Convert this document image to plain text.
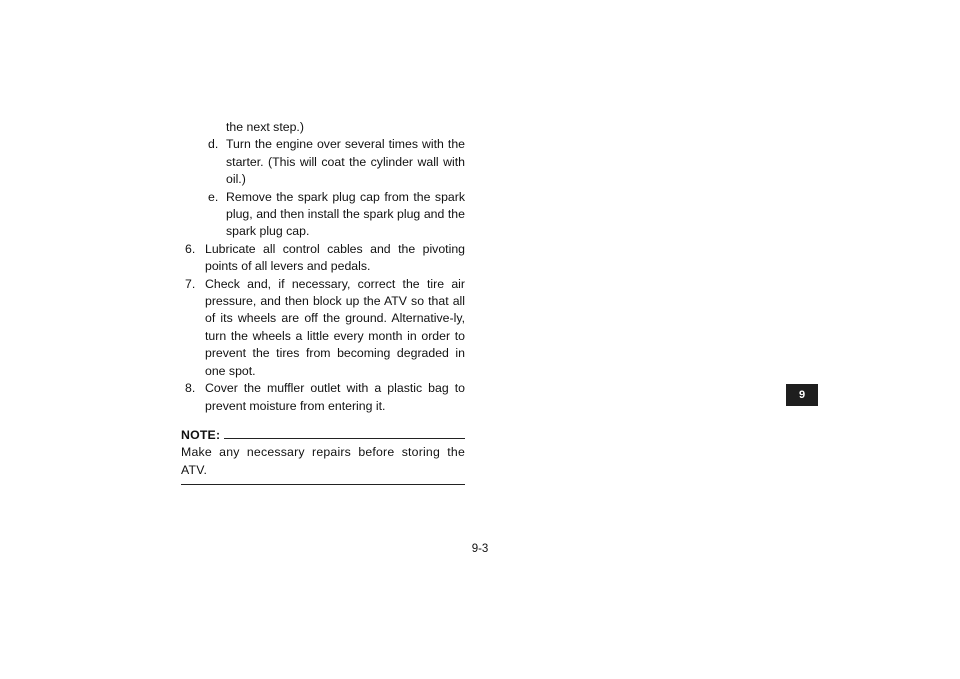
the next step.)
d. Turn the engine over several times with the starter. (This will coat the cylinder wall with oil.)
e. Remove the spark plug cap from the spark plug, and then install the spark plug and the spark plug cap.
6. Lubricate all control cables and the pivoting points of all levers and pedals.
7. Check and, if necessary, correct the tire air pressure, and then block up the ATV so that all of its wheels are off the ground. Alternative-ly, turn the wheels a little every month in order to prevent the tires from becoming degraded in one spot.
8. Cover the muffler outlet with a plastic bag to prevent moisture from entering it.
NOTE:
Make any necessary repairs before storing the ATV.
9-3
9
